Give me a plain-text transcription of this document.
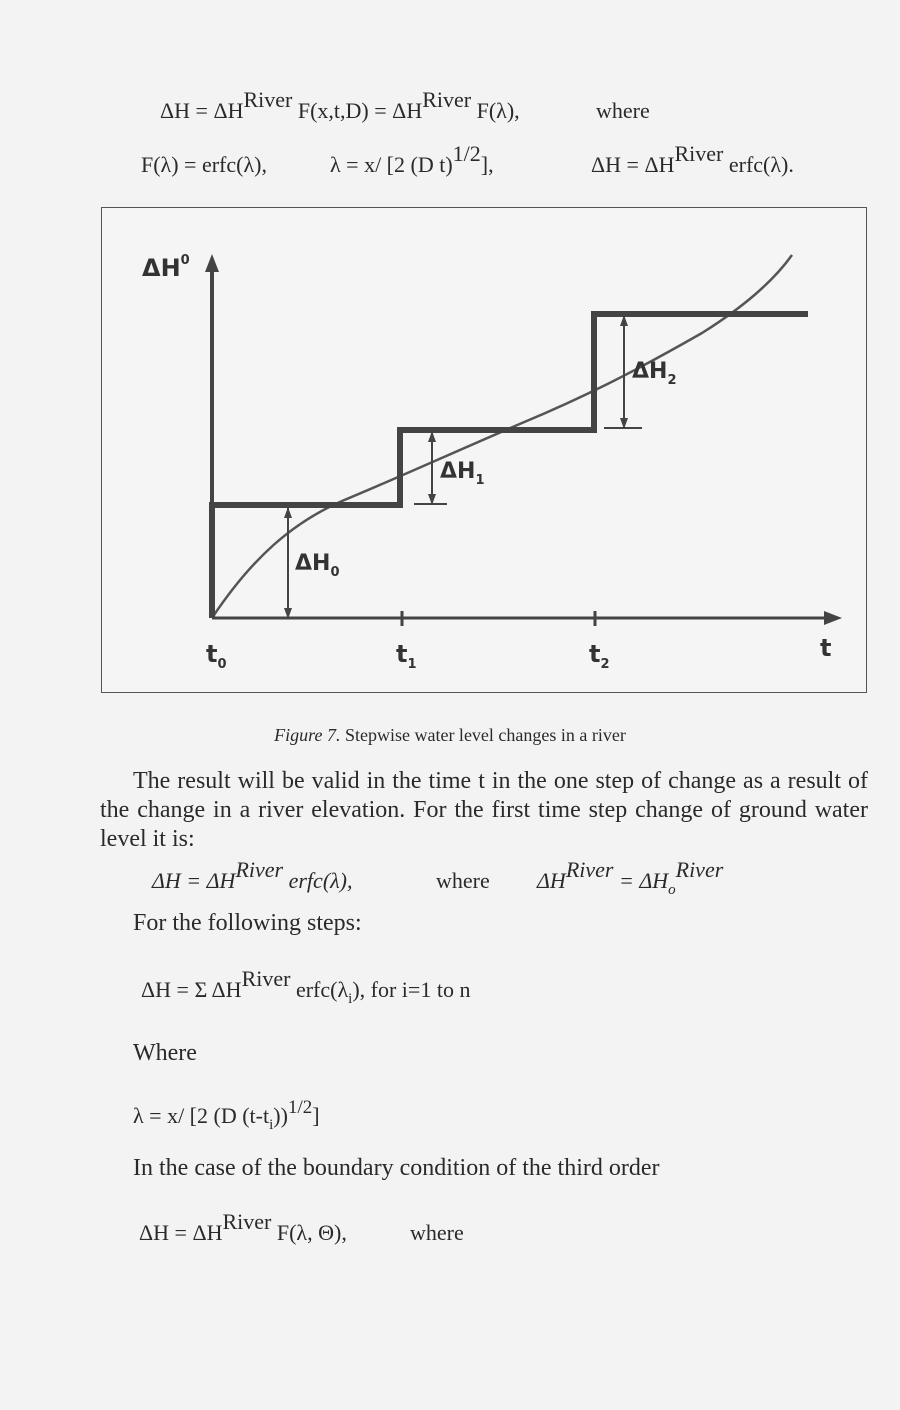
ΔH = ΔHRiver F(x,t,D) = ΔHRiver F(λ),	where
F(λ) = erfc(λ),	λ = x/ [2 (D t)1/2],	ΔH = ΔHRiver erfc(λ).
$\Delta H^0$
t
$t_0$	$t_1$	$t_2$
$\Delta H_0$
$\Delta H_1$
$\Delta H_2$
Figure 7. Stepwise water level changes in a river
The result will be valid in the time t in the one step of change as a result of the change in a river elevation. For the first time step change of ground water level it is:
ΔH = ΔHRiver erfc(λ),	where ΔHRiver = $\Delta H_oRiver$
For the following steps:
ΔH = Σ ΔHRiver $erfc(\lambda_i)$, for i=1 to n
Where
λ = x/ [2 (D $(t-t_i))1/2$]
In the case of the boundary condition of the third order
ΔH = ΔHRiver F(λ, Θ),	where
